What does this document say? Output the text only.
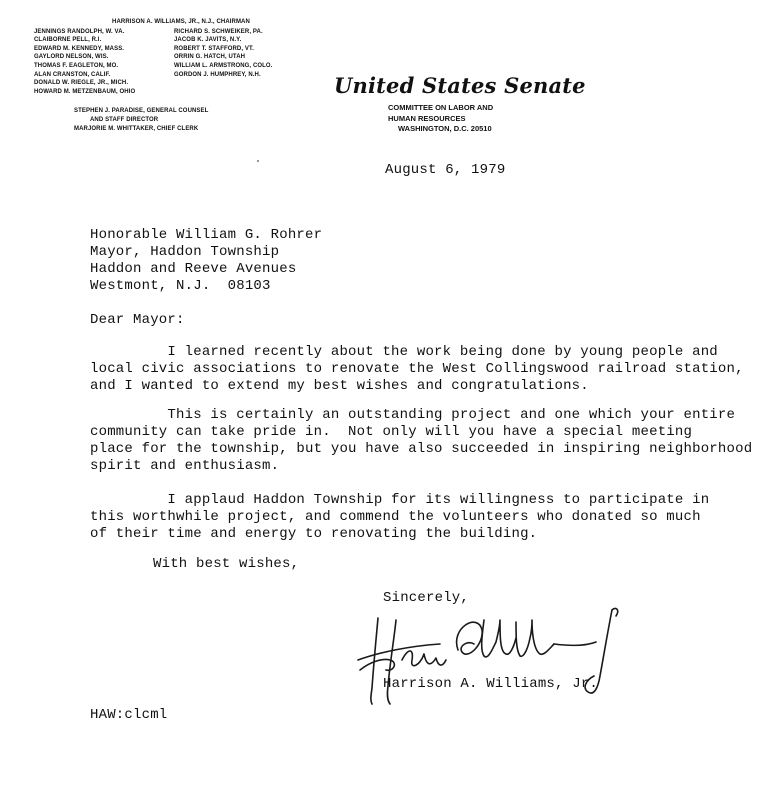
HARRISON A. WILLIAMS, JR., N.J., CHAIRMAN
JENNINGS RANDOLPH, W. VA.
CLAIBORNE PELL, R.I.
EDWARD M. KENNEDY, MASS.
GAYLORD NELSON, WIS.
THOMAS F. EAGLETON, MO.
ALAN CRANSTON, CALIF.
DONALD W. RIEGLE, JR., MICH.
HOWARD M. METZENBAUM, OHIO
RICHARD S. SCHWEIKER, PA.
JACOB K. JAVITS, N.Y.
ROBERT T. STAFFORD, VT.
ORRIN G. HATCH, UTAH
WILLIAM L. ARMSTRONG, COLO.
GORDON J. HUMPHREY, N.H.
STEPHEN J. PARADISE, GENERAL COUNSEL
AND STAFF DIRECTOR
MARJORIE M. WHITTAKER, CHIEF CLERK
United States Senate
COMMITTEE ON LABOR AND
HUMAN RESOURCES
WASHINGTON, D.C. 20510
August 6, 1979
Honorable William G. Rohrer
Mayor, Haddon Township
Haddon and Reeve Avenues
Westmont, N.J.  08103
Dear Mayor:
I learned recently about the work being done by young people and
local civic associations to renovate the West Collingswood railroad station,
and I wanted to extend my best wishes and congratulations.
This is certainly an outstanding project and one which your entire
community can take pride in.  Not only will you have a special meeting
place for the township, but you have also succeeded in inspiring neighborhood
spirit and enthusiasm.
I applaud Haddon Township for its willingness to participate in
this worthwhile project, and commend the volunteers who donated so much
of their time and energy to renovating the building.
With best wishes,
Sincerely,
Harrison A. Williams, Jr.
HAW:clcml
